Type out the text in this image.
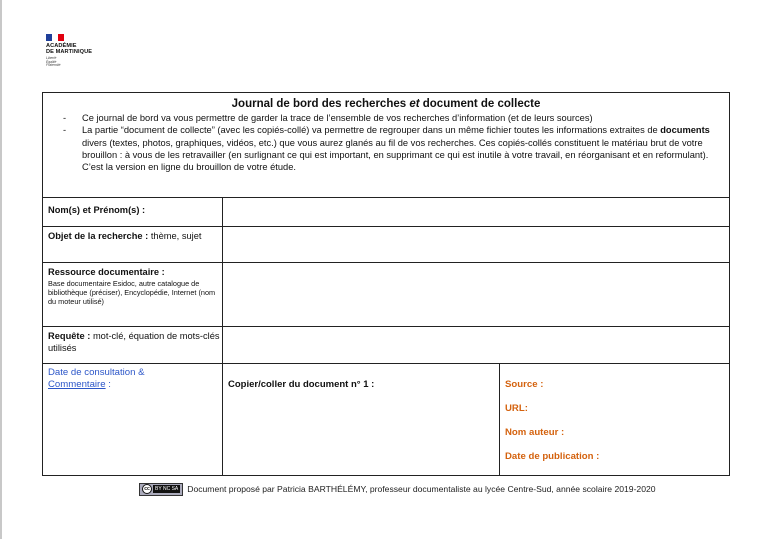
ACADÉMIE
DE MARTINIQUE
Liberté
Égalité
Fraternité
Journal de bord des recherches et document de collecte
- Ce journal de bord va vous permettre de garder la trace de l’ensemble de vos recherches d’information (et de leurs sources)
- La partie “document de collecte” (avec les copiés-collé) va permettre de regrouper dans un même fichier toutes les informations extraites de documents divers (textes, photos, graphiques, vidéos, etc.) que vous aurez glanés au fil de vos recherches. Ces copiés-collés constituent le matériau brut de votre brouillon : à vous de les retravailler (en surlignant ce qui est important, en supprimant ce qui est inutile à votre travail, en réorganisant et en reformulant). C’est la version en ligne du brouillon de votre étude.
Nom(s) et Prénom(s) :
Objet de la recherche : thème, sujet
Ressource documentaire :
Base documentaire Esidoc, autre catalogue de bibliothèque (préciser), Encyclopédie, Internet (nom du moteur utilisé)
Requête : mot-clé, équation de mots-clés utilisés
Date de consultation &
Commentaire :	Copier/coller du document n° 1 :	Source :
URL:
Nom auteur :
Date de publication :
cc	BY NC SA Document proposé par Patricia BARTHÉLÉMY, professeur documentaliste au lycée Centre-Sud, année scolaire 2019-2020
